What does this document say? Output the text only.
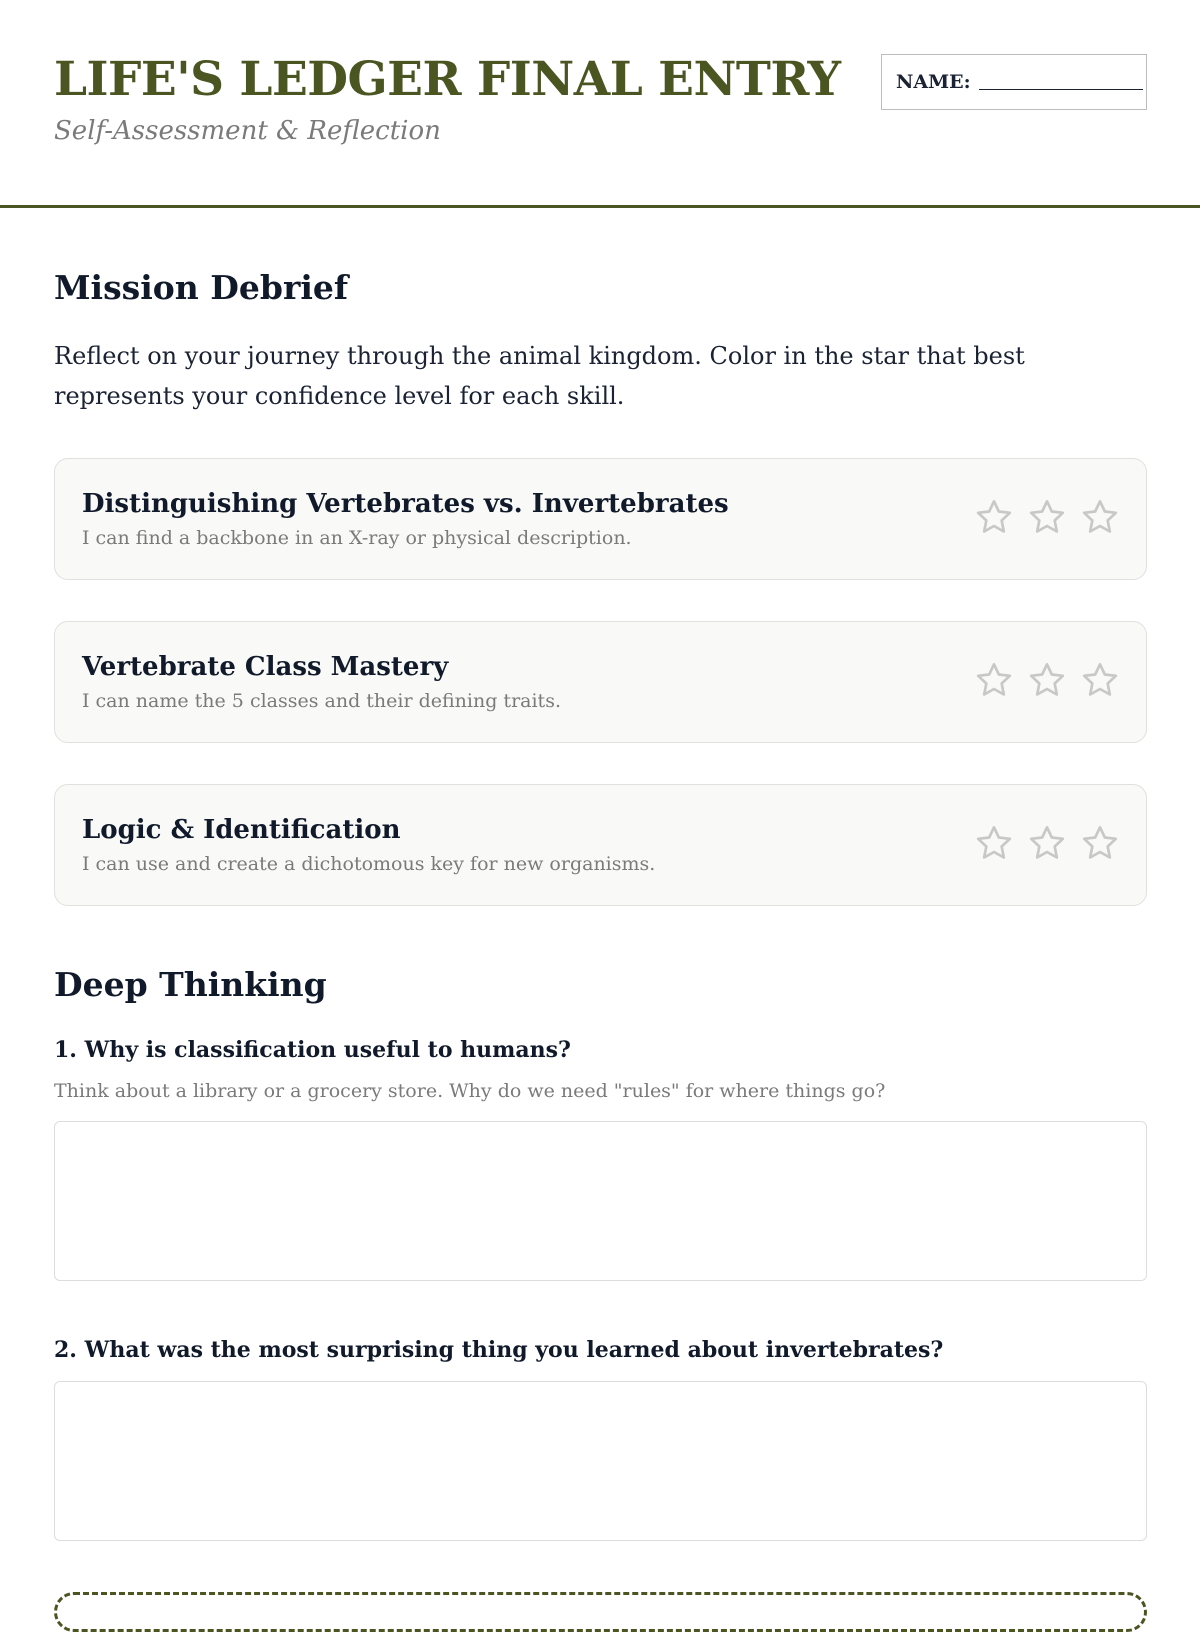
LIFE'S LEDGER FINAL ENTRY

Self-Assessment & Reflection

NAME:
Mission Debrief

Reflect on your journey through the animal kingdom. Color in the star that best represents your confidence level for each skill.

Distinguishing Vertebrates vs. Invertebrates

I can find a backbone in an X-ray or physical description.

Vertebrate Class Mastery

I can name the 5 classes and their defining traits.

Logic & Identification

I can use and create a dichotomous key for new organisms.

Deep Thinking

1. Why is classification useful to humans?

Think about a library or a grocery store. Why do we need "rules" for where things go?

2. What was the most surprising thing you learned about invertebrates?
